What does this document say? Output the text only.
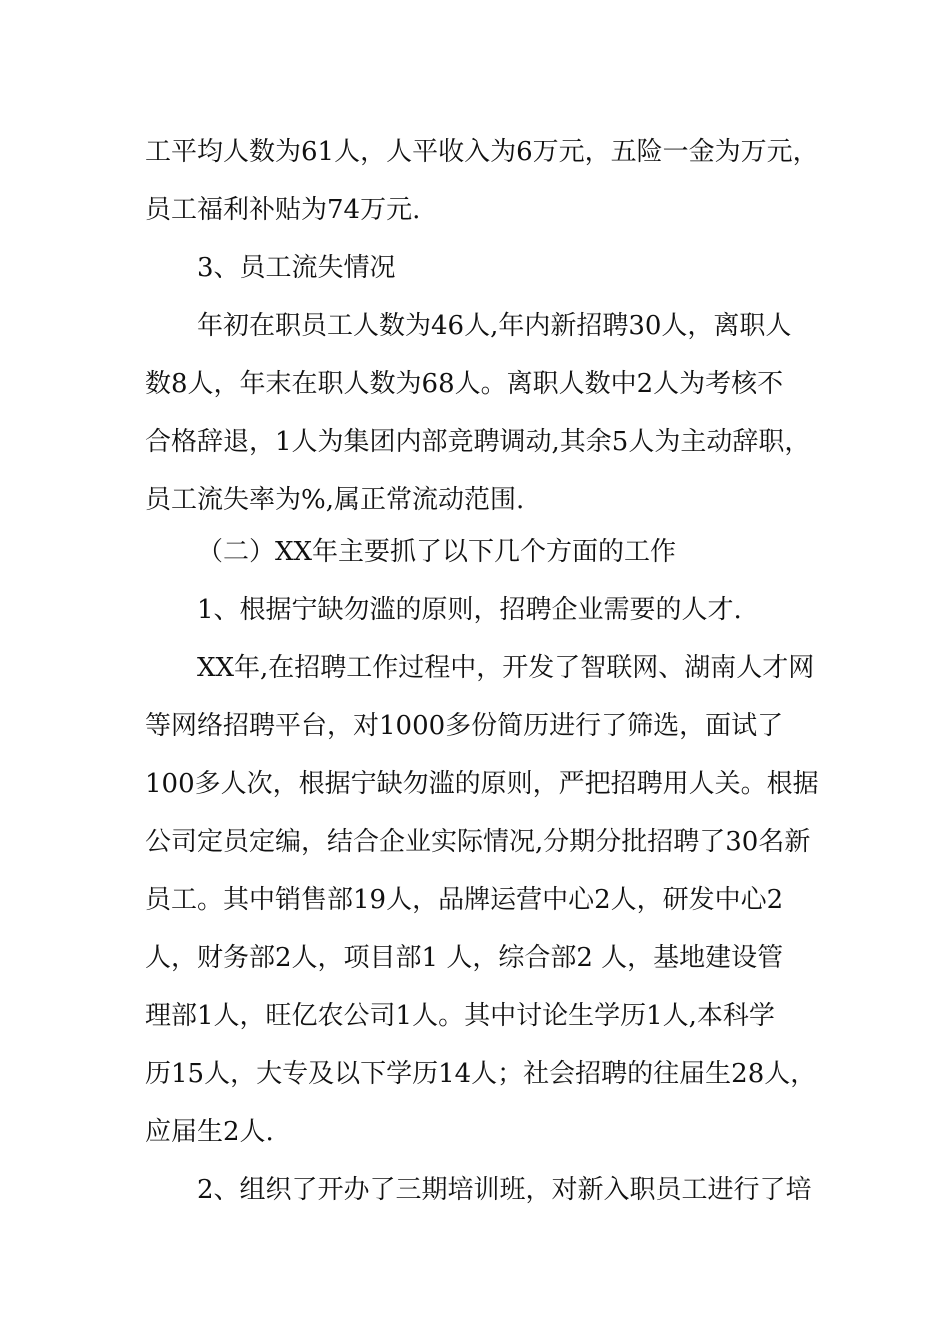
工平均人数为61人，人平收入为6万元，五险一金为万元，
员工福利补贴为74万元.
3、员工流失情况
年初在职员工人数为46人,年内新招聘30人，离职人
数8人，年末在职人数为68人。离职人数中2人为考核不
合格辞退，1人为集团内部竞聘调动,其余5人为主动辞职，
员工流失率为%,属正常流动范围.
（二）XX年主要抓了以下几个方面的工作
1、根据宁缺勿滥的原则，招聘企业需要的人才.
XX年,在招聘工作过程中，开发了智联网、湖南人才网
等网络招聘平台，对1000多份简历进行了筛选，面试了
100多人次，根据宁缺勿滥的原则，严把招聘用人关。根据
公司定员定编，结合企业实际情况,分期分批招聘了30名新
员工。其中销售部19人，品牌运营中心2人，研发中心2
人，财务部2人，项目部1 人，综合部2 人，基地建设管
理部1人，旺亿农公司1人。其中讨论生学历1人,本科学
历15人，大专及以下学历14人；社会招聘的往届生28人，
应届生2人.
2、组织了开办了三期培训班，对新入职员工进行了培
